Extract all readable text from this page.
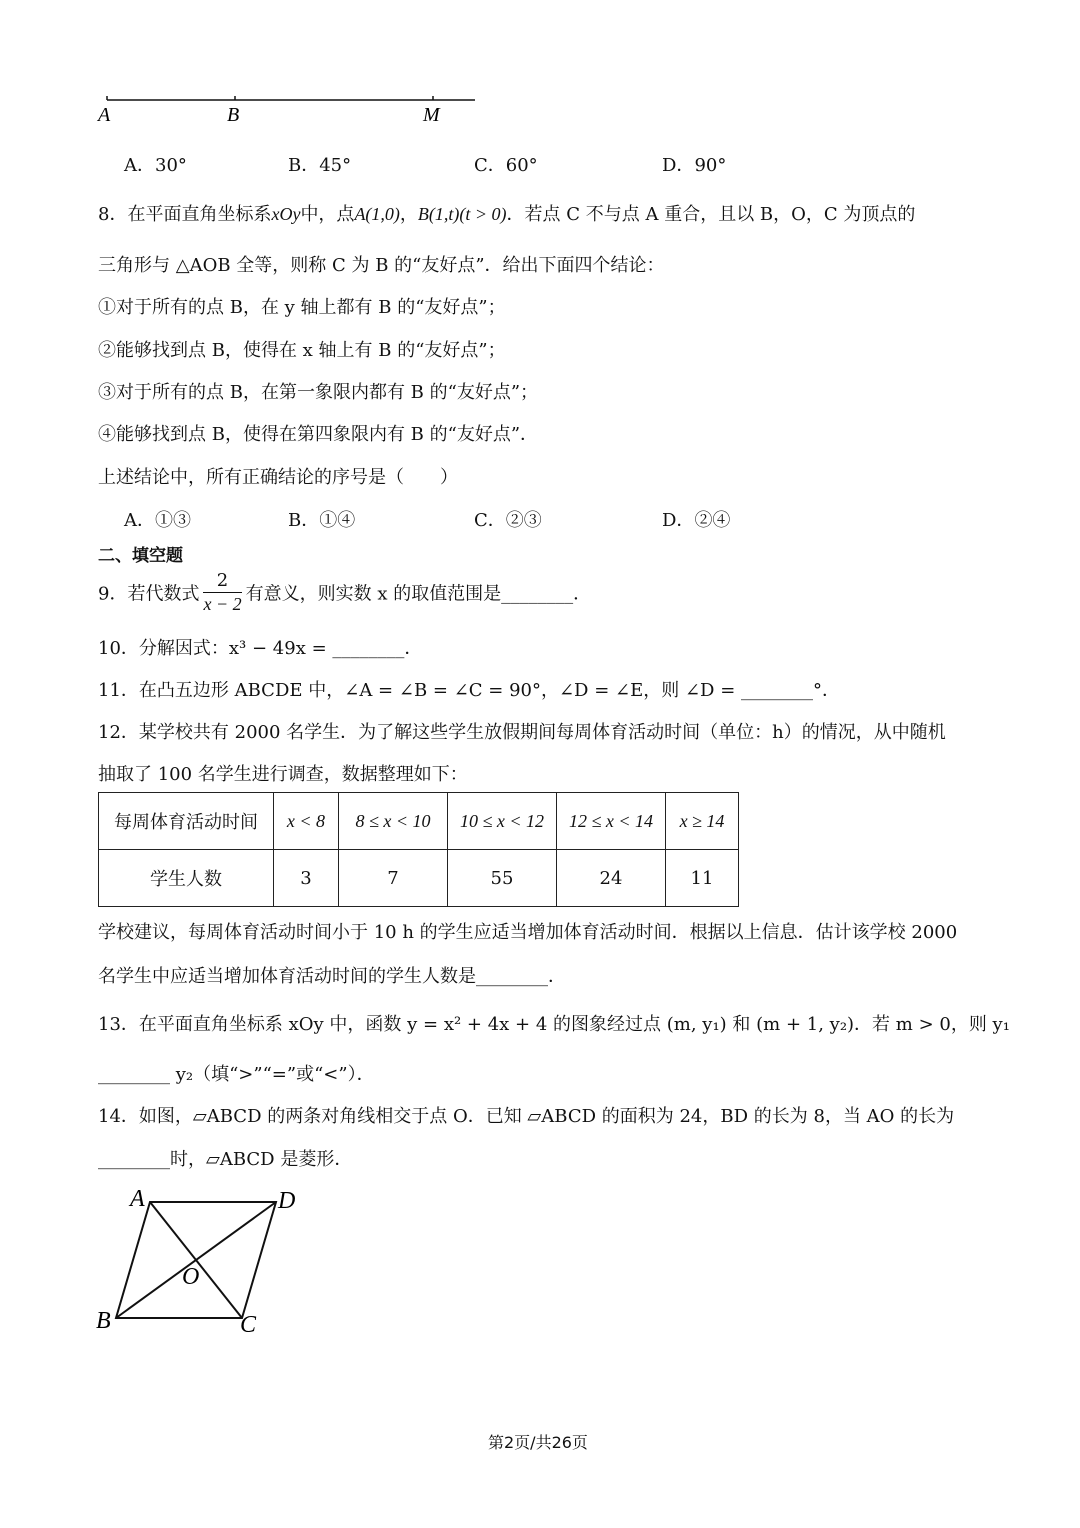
A	B	M
A．30°	B．45°	C．60°	D．90°
8．在平面直角坐标系xOy中，点A(1,0)，B(1,t)(t > 0)．若点 C 不与点 A 重合，且以 B，O，C 为顶点的
三角形与 △AOB 全等，则称 C 为 B 的“友好点”．给出下面四个结论：
①对于所有的点 B，在 y 轴上都有 B 的“友好点”；
②能够找到点 B，使得在 x 轴上有 B 的“友好点”；
③对于所有的点 B，在第一象限内都有 B 的“友好点”；
④能够找到点 B，使得在第四象限内有 B 的“友好点”．
上述结论中，所有正确结论的序号是（　　）
A．①③	B．①④	C．②③	D．②④
二、填空题
9．若代数式 $\frac{2}{x - 2}$ 有意义，则实数 x 的取值范围是________．
10．分解因式：x³ − 49x = ________．
11．在凸五边形 ABCDE 中，∠A = ∠B = ∠C = 90°，∠D = ∠E，则 ∠D = ________°．
12．某学校共有 2000 名学生．为了解这些学生放假期间每周体育活动时间（单位：h）的情况，从中随机
抽取了 100 名学生进行调查，数据整理如下：
每周体育活动时间	x < 8	8 ≤ x < 10	10 ≤ x < 12	12 ≤ x < 14	x ≥ 14
学生人数	3	7	55	24	11
学校建议，每周体育活动时间小于 10 h 的学生应适当增加体育活动时间．根据以上信息．估计该学校 2000
名学生中应适当增加体育活动时间的学生人数是________．
13．在平面直角坐标系 xOy 中，函数 y = x² + 4x + 4 的图象经过点 (m, y₁) 和 (m + 1, y₂)．若 m > 0，则 y₁
________ y₂（填“>”“=”或“<”）．
14．如图，▱ABCD 的两条对角线相交于点 O．已知 ▱ABCD 的面积为 24，BD 的长为 8，当 AO 的长为
________时，▱ABCD 是菱形．
A	D
O
B	C
第2页/共26页
